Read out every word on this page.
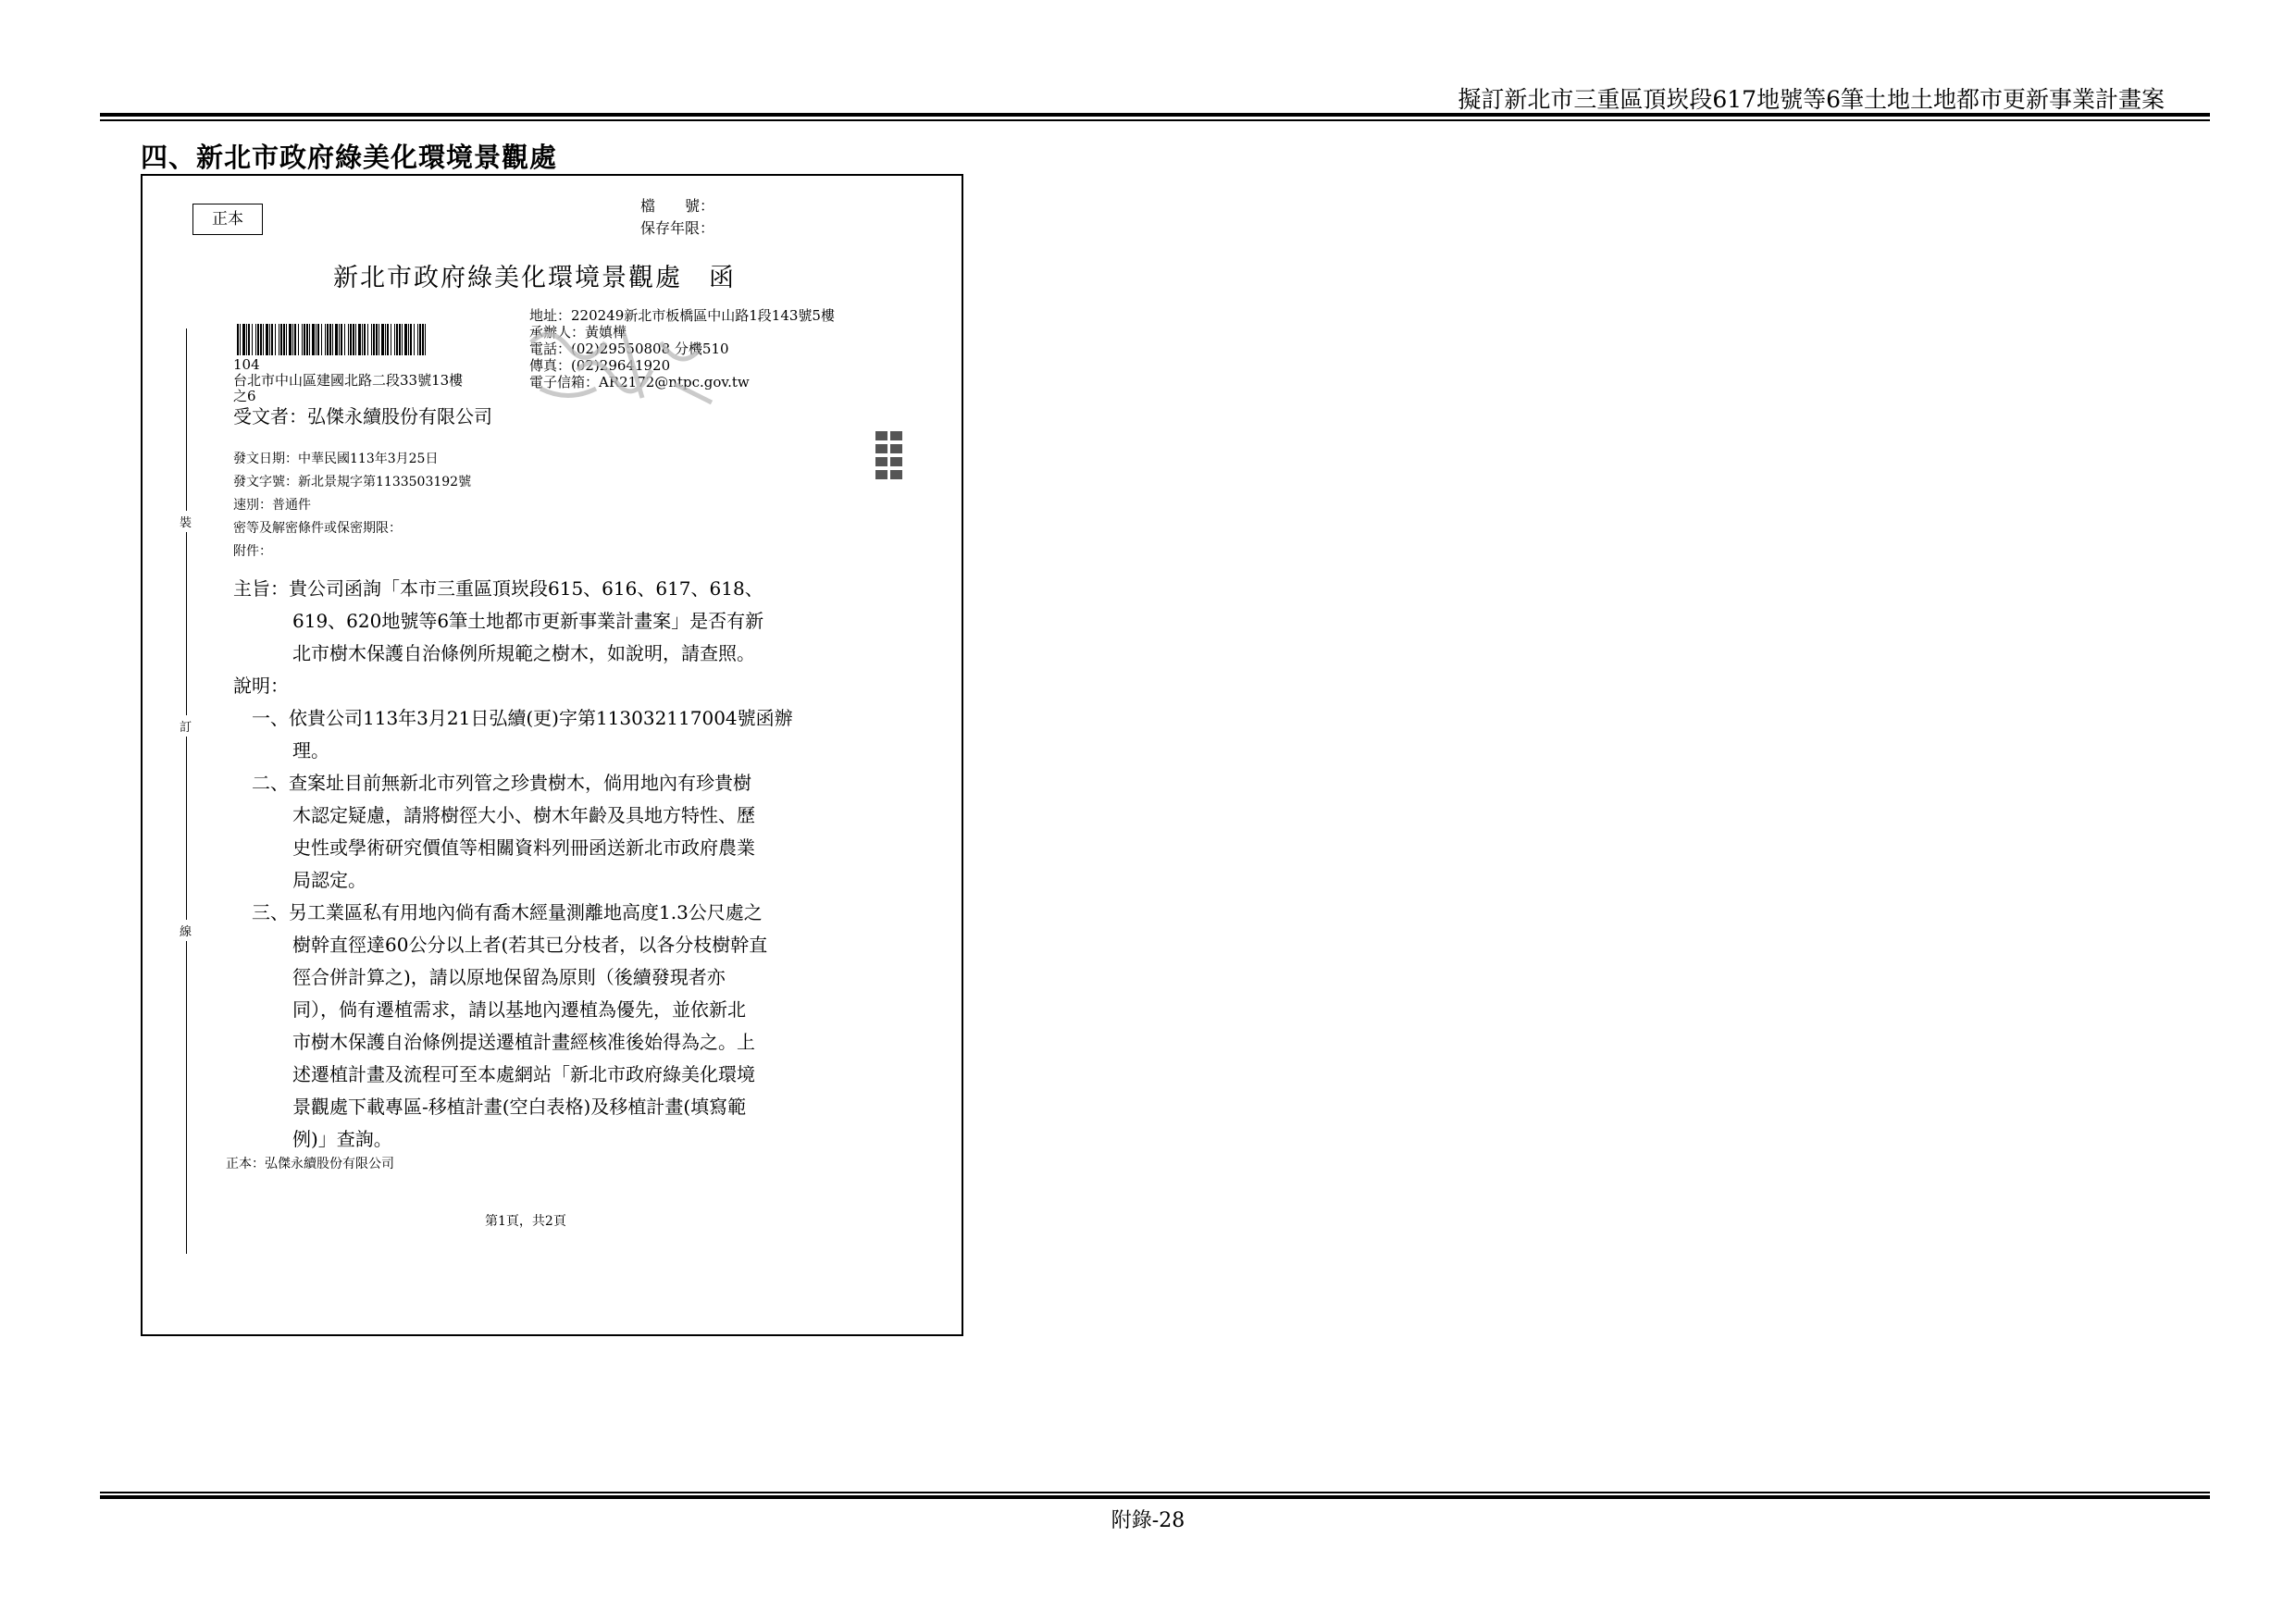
擬訂新北市三重區頂崁段617地號等6筆土地土地都市更新事業計畫案
四、新北市政府綠美化環境景觀處
正本
檔　　號：
保存年限：
新北市政府綠美化環境景觀處　函
地址：220249新北市板橋區中山路1段143號5樓
承辦人：黃嫃樺
電話：(02)29550808 分機510
傳真：(02)29641920
電子信箱：AR2172@ntpc.gov.tw
104
台北市中山區建國北路二段33號13樓
之6
受文者：弘傑永續股份有限公司
裝
訂
線
發文日期：中華民國113年3月25日
發文字號：新北景規字第1133503192號
速別：普通件
密等及解密條件或保密期限：
附件：
主旨：貴公司函詢「本市三重區頂崁段615、616、617、618、
619、620地號等6筆土地都市更新事業計畫案」是否有新
北市樹木保護自治條例所規範之樹木，如說明，請查照。
說明：
一、依貴公司113年3月21日弘續(更)字第113032117004號函辦
理。
二、查案址目前無新北市列管之珍貴樹木，倘用地內有珍貴樹
木認定疑慮，請將樹徑大小、樹木年齡及具地方特性、歷
史性或學術研究價值等相關資料列冊函送新北市政府農業
局認定。
三、另工業區私有用地內倘有喬木經量測離地高度1.3公尺處之
樹幹直徑達60公分以上者(若其已分枝者，以各分枝樹幹直
徑合併計算之)，請以原地保留為原則（後續發現者亦
同），倘有遷植需求，請以基地內遷植為優先，並依新北
市樹木保護自治條例提送遷植計畫經核准後始得為之。上
述遷植計畫及流程可至本處網站「新北市政府綠美化環境
景觀處下載專區-移植計畫(空白表格)及移植計畫(填寫範
例)」查詢。
正本：弘傑永續股份有限公司
第1頁，共2頁
附錄-28
